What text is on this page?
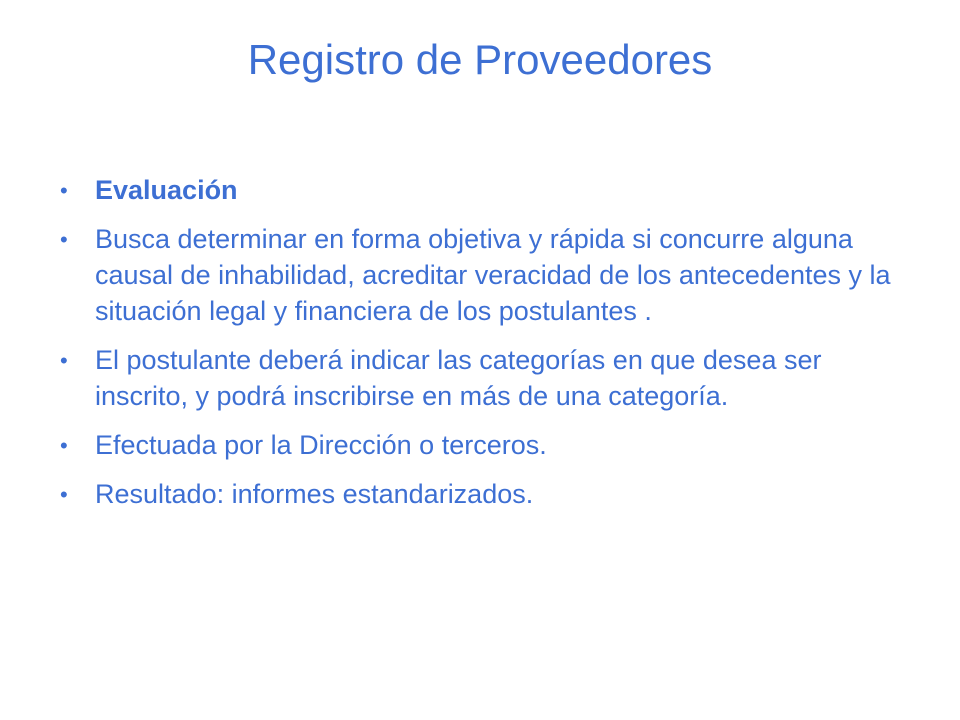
Registro de Proveedores
• Evaluación
• Busca determinar en forma objetiva y rápida si concurre alguna causal de inhabilidad, acreditar veracidad de los antecedentes y la situación legal y financiera de los postulantes .
• El postulante deberá indicar las categorías en que desea ser inscrito, y podrá inscribirse en más de una categoría.
• Efectuada por la Dirección o terceros.
• Resultado: informes estandarizados.
